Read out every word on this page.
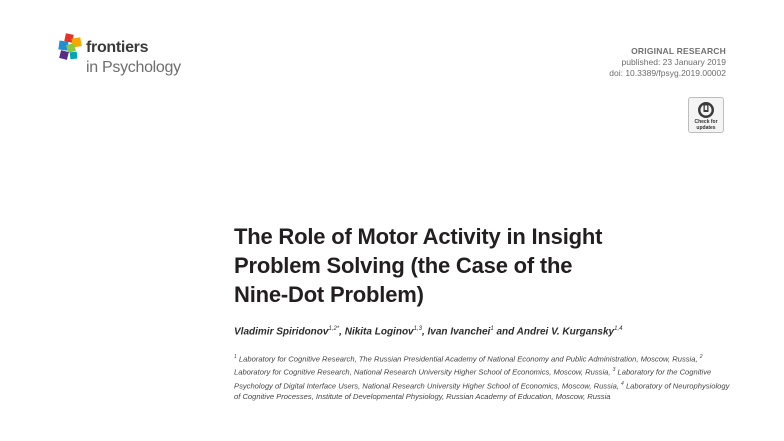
frontiers
in Psychology
ORIGINAL RESEARCH
published: 23 January 2019
doi: 10.3389/fpsyg.2019.00002
Check for
updates
The Role of Motor Activity in Insight
Problem Solving (the Case of the
Nine-Dot Problem)
Vladimir Spiridonov$^{1,2*}$, Nikita Loginov$^{1,3}$, Ivan Ivanchei$^1$ and Andrei V. Kurgansky$^{1,4}$

$^1$ Laboratory for Cognitive Research, The Russian Presidential Academy of National Economy and Public Administration, Moscow, Russia, $^2$ Laboratory for Cognitive Research, National Research University Higher School of Economics, Moscow, Russia, $^3$ Laboratory for the Cognitive Psychology of Digital Interface Users, National Research University Higher School of Economics, Moscow, Russia, $^4$ Laboratory of Neurophysiology of Cognitive Processes, Institute of Developmental Physiology, Russian Academy of Education, Moscow, Russia
